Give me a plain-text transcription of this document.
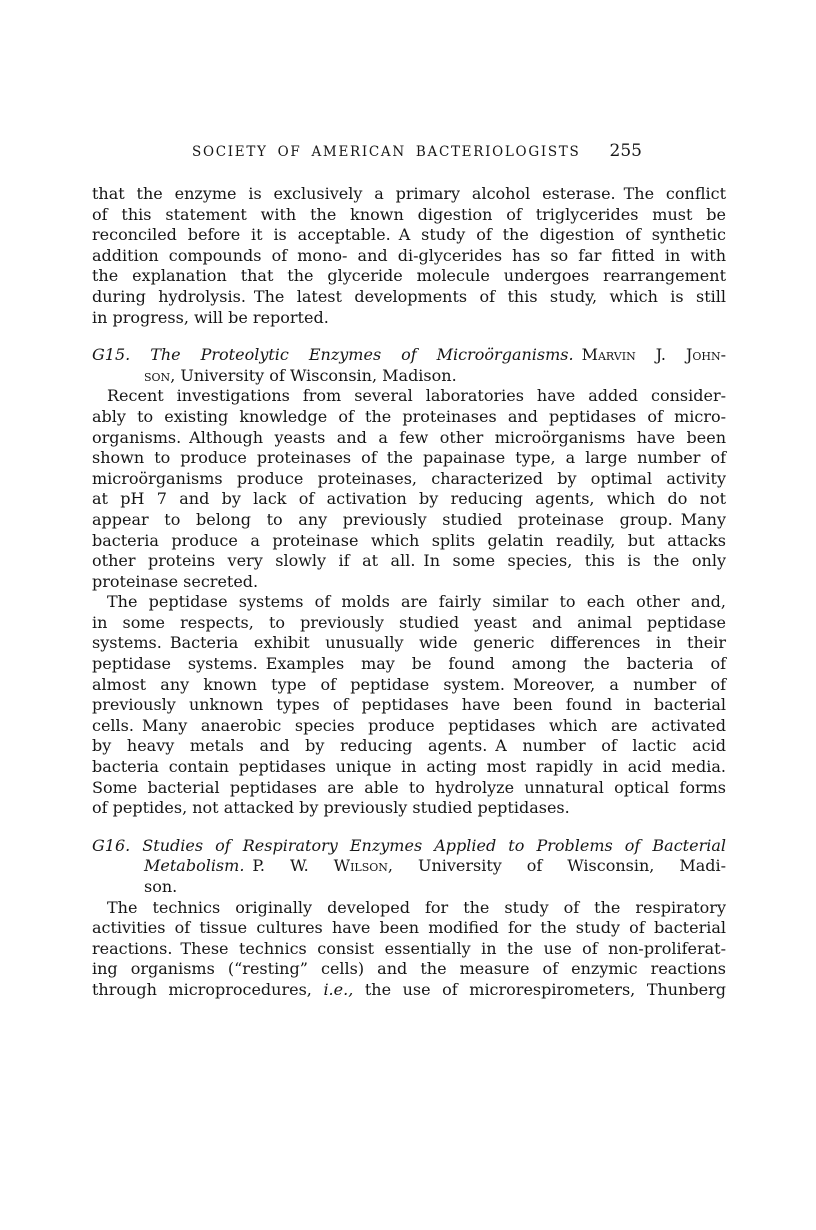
SOCIETY OF AMERICAN BACTERIOLOGISTS 255
that the enzyme is exclusively a primary alcohol esterase. The conflict
of this statement with the known digestion of triglycerides must be
reconciled before it is acceptable. A study of the digestion of synthetic
addition compounds of mono- and di-glycerides has so far fitted in with
the explanation that the glyceride molecule undergoes rearrangement
during hydrolysis. The latest developments of this study, which is still
in progress, will be reported.
G15. The Proteolytic Enzymes of Microörganisms.  Marvin J. John-
son, University of Wisconsin, Madison.
Recent investigations from several laboratories have added consider-
ably to existing knowledge of the proteinases and peptidases of micro-
organisms. Although yeasts and a few other microörganisms have been
shown to produce proteinases of the papainase type, a large number of
microörganisms produce proteinases, characterized by optimal activity
at pH 7 and by lack of activation by reducing agents, which do not
appear to belong to any previously studied proteinase group. Many
bacteria produce a proteinase which splits gelatin readily, but attacks
other proteins very slowly if at all. In some species, this is the only
proteinase secreted.
The peptidase systems of molds are fairly similar to each other and,
in some respects, to previously studied yeast and animal peptidase
systems. Bacteria exhibit unusually wide generic differences in their
peptidase systems. Examples may be found among the bacteria of
almost any known type of peptidase system. Moreover, a number of
previously unknown types of peptidases have been found in bacterial
cells. Many anaerobic species produce peptidases which are activated
by heavy metals and by reducing agents. A number of lactic acid
bacteria contain peptidases unique in acting most rapidly in acid media.
Some bacterial peptidases are able to hydrolyze unnatural optical forms
of peptides, not attacked by previously studied peptidases.
G16. Studies of Respiratory Enzymes Applied to Problems of Bacterial
Metabolism. P. W. Wilson, University of Wisconsin, Madi-
son.
The technics originally developed for the study of the respiratory
activities of tissue cultures have been modified for the study of bacterial
reactions. These technics consist essentially in the use of non-proliferat-
ing organisms (“resting” cells) and the measure of enzymic reactions
through microprocedures, i.e., the use of microrespirometers, Thunberg
